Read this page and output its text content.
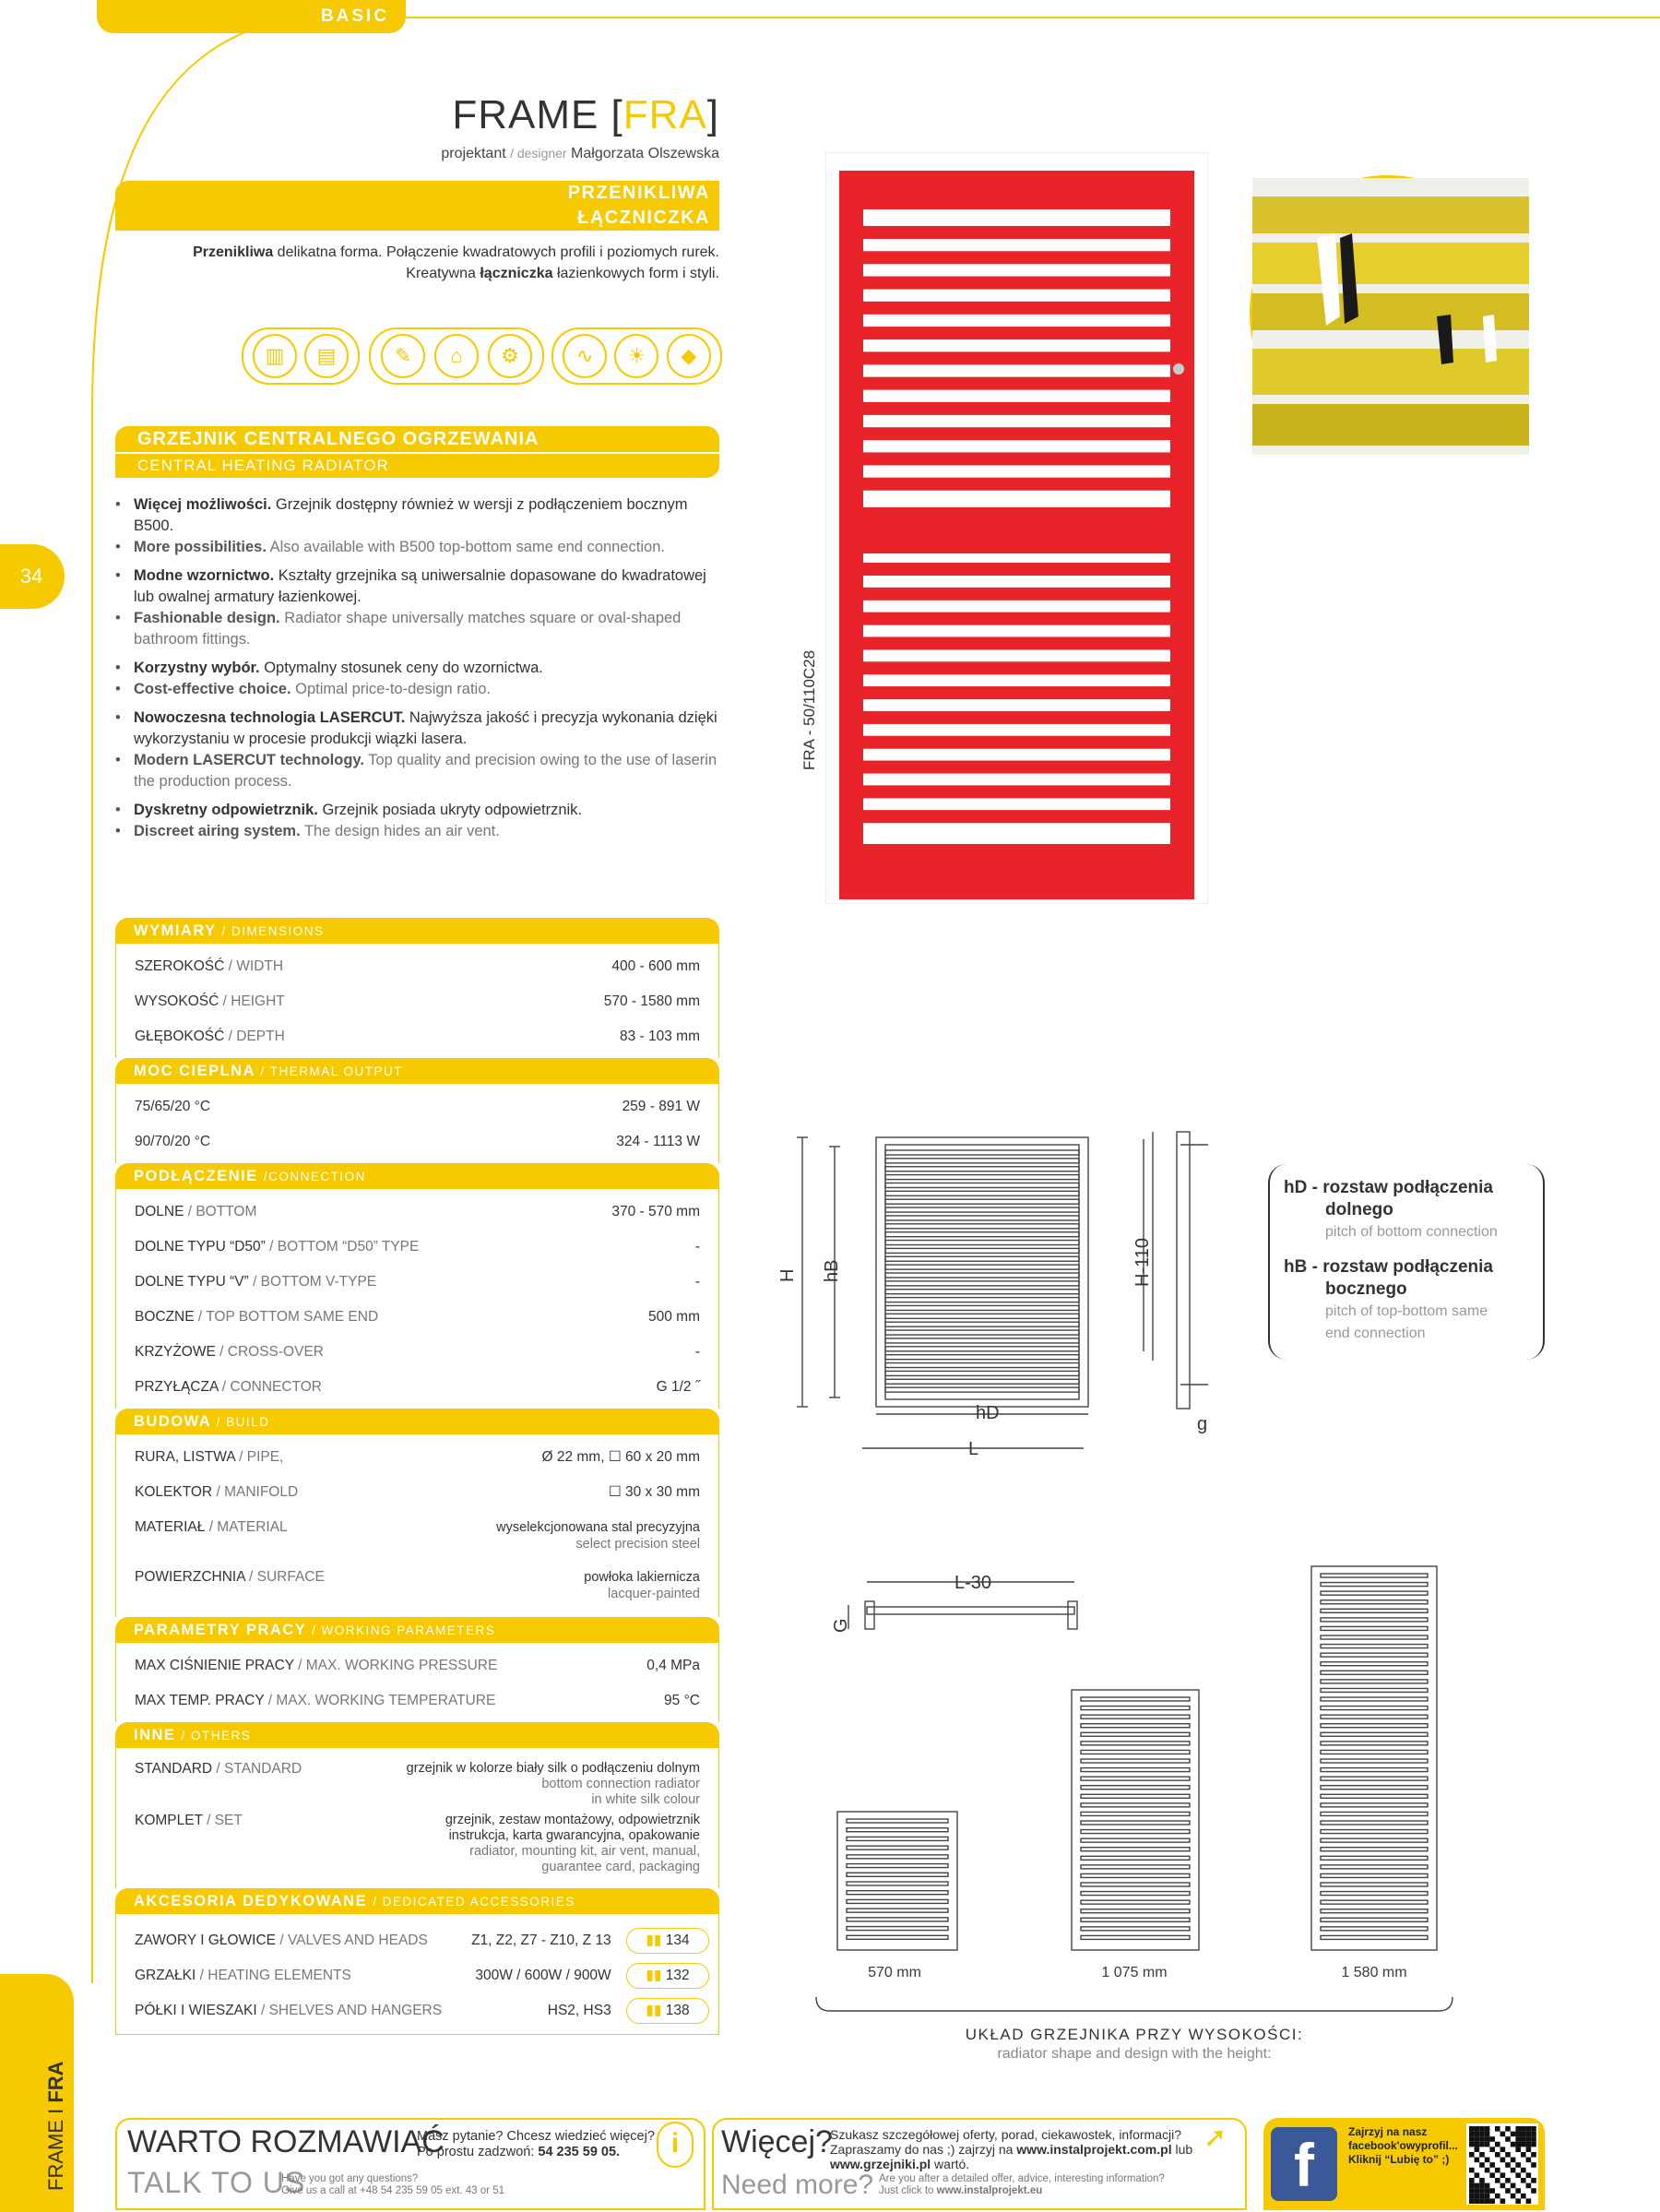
BASIC
FRAME [FRA]
projektant / designer Małgorzata Olszewska
PRZENIKLIWA
ŁĄCZNICZKA
Przenikliwa delikatna forma. Połączenie kwadratowych profili i poziomych rurek.
Kreatywna łączniczka łazienkowych form i styli.
▥	▤	✎	⌂	⚙	∿	☀	◆
GRZEJNIK CENTRALNEGO OGRZEWANIA
CENTRAL HEATING RADIATOR
• Więcej możliwości. Grzejnik dostępny również w wersji z podłączeniem bocznym B500.
• More possibilities. Also available with B500 top-bottom same end connection.
• Modne wzornictwo. Kształty grzejnika są uniwersalnie dopasowane do kwadratowej lub owalnej armatury łazienkowej.
• Fashionable design. Radiator shape universally matches square or oval-shaped bathroom fittings.
• Korzystny wybór. Optymalny stosunek ceny do wzornictwa.
• Cost-effective choice. Optimal price-to-design ratio.
• Nowoczesna technologia LASERCUT. Najwyższa jakość i precyzja wykonania dzięki wykorzystaniu w procesie produkcji wiązki lasera.
• Modern LASERCUT technology. Top quality and precision owing to the use of laserin the production process.
• Dyskretny odpowietrznik. Grzejnik posiada ukryty odpowietrznik.
• Discreet airing system. The design hides an air vent.
34
FRA - 50/110C28
WYMIARY / DIMENSIONS
SZEROKOŚĆ / WIDTH	400 - 600 mm
WYSOKOŚĆ / HEIGHT	570 - 1580 mm
GŁĘBOKOŚĆ / DEPTH	83 - 103 mm
MOC CIEPLNA / THERMAL OUTPUT
75/65/20 °C	259 - 891 W
90/70/20 °C	324 - 1113 W
PODŁĄCZENIE /CONNECTION
DOLNE / BOTTOM	370 - 570 mm
DOLNE TYPU “D50” / BOTTOM “D50” TYPE	-
DOLNE TYPU “V” / BOTTOM V-TYPE	-
BOCZNE / TOP BOTTOM SAME END	500 mm
KRZYŻOWE / CROSS-OVER	-
PRZYŁĄCZA / CONNECTOR	G 1/2 ˝
BUDOWA / BUILD
RURA, LISTWA / PIPE,	Ø 22 mm, ☐ 60 x 20 mm
KOLEKTOR / MANIFOLD	☐ 30 x 30 mm
MATERIAŁ / MATERIAL	wyselekcjonowana stal precyzyjna
select precision steel
POWIERZCHNIA / SURFACE	powłoka lakiernicza
lacquer-painted
PARAMETRY PRACY / WORKING PARAMETERS
MAX CIŚNIENIE PRACY / MAX. WORKING PRESSURE	0,4 MPa
MAX TEMP. PRACY / MAX. WORKING TEMPERATURE	95 °C
INNE / OTHERS
STANDARD / STANDARD	grzejnik w kolorze biały silk o podłączeniu dolnym
bottom connection radiator
in white silk colour
KOMPLET / SET	grzejnik, zestaw montażowy, odpowietrznik
instrukcja, karta gwarancyjna, opakowanie
radiator, mounting kit, air vent, manual,
guarantee card, packaging
AKCESORIA DEDYKOWANE / DEDICATED ACCESSORIES
ZAWORY I GŁOWICE / VALVES AND HEADS	Z1, Z2, Z7 - Z10, Z 13 ▮▮ 134
GRZAŁKI / HEATING ELEMENTS	300W / 600W / 900W ▮▮ 132
PÓŁKI I WIESZAKI / SHELVES AND HANGERS	HS2, HS3 ▮▮ 138
H hB
hD
L
H-110
g
hD - rozstaw podłączenia
dolnego
pitch of bottom connection
hB - rozstaw podłączenia
bocznego
pitch of top-bottom same
end connection
L-30
G
570 mm	1 075 mm	1 580 mm
UKŁAD GRZEJNIKA PRZY WYSOKOŚCI:
radiator shape and design with the height:
FRAME I FRA
WARTO ROZMAWIAĆ
TALK TO US
Masz pytanie? Chcesz wiedzieć więcej?
Po prostu zadzwoń: 54 235 59 05.
Have you got any questions?
Give us a call at +48 54 235 59 05 ext. 43 or 51
i	Więcej?
Need more?
Szukasz szczegółowej oferty, porad, ciekawostek, informacji?
Zapraszamy do nas ;) zajrzyj na www.instalprojekt.com.pl lub
www.grzejniki.pl wartó.
Are you after a detailed offer, advice, interesting information?
Just click to www.instalprojekt.eu
➚	f	Zajrzyj na nasz
facebook'owyprofil...
Kliknij “Lubię to” ;)
